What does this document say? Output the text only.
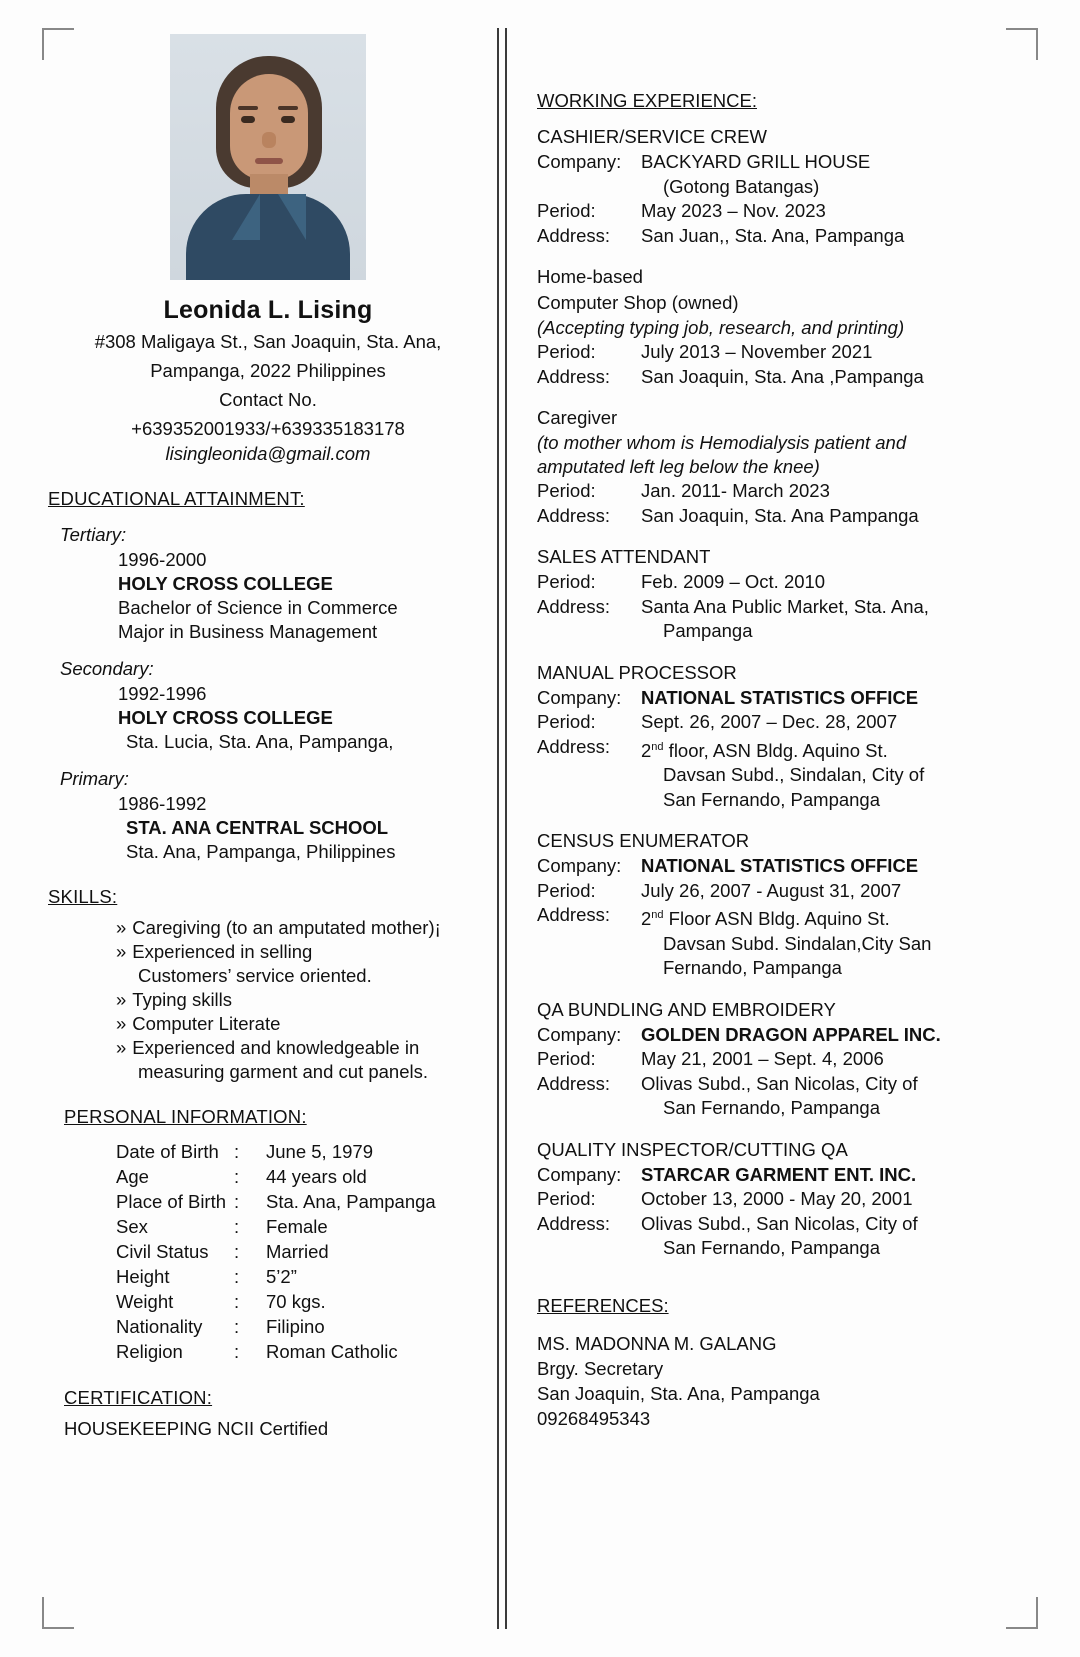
Leonida L. Lising
#308 Maligaya St., San Joaquin, Sta. Ana,
Pampanga, 2022 Philippines
Contact No.
+639352001933/+639335183178
lisingleonida@gmail.com
EDUCATIONAL ATTAINMENT:
Tertiary:
1996-2000
HOLY CROSS COLLEGE
Bachelor of Science in Commerce
Major in Business Management
Secondary:
1992-1996
HOLY CROSS COLLEGE
Sta. Lucia, Sta. Ana, Pampanga,
Primary:
1986-1992
STA. ANA CENTRAL SCHOOL
Sta. Ana, Pampanga, Philippines
SKILLS:
» Caregiving (to an amputated mother)¡
» Experienced in selling
Customers’ service oriented.
» Typing skills
» Computer Literate
» Experienced and knowledgeable in
measuring garment and cut panels.
PERSONAL INFORMATION:
Date of Birth	:	June 5, 1979
Age	:	44 years old
Place of Birth	:	Sta. Ana, Pampanga
Sex	:	Female
Civil Status	:	Married
Height	:	5’2”
Weight	:	70 kgs.
Nationality	:	Filipino
Religion	:	Roman Catholic
CERTIFICATION:
HOUSEKEEPING NCII Certified
WORKING EXPERIENCE:
CASHIER/SERVICE CREW
Company:	BACKYARD GRILL HOUSE
(Gotong Batangas)
Period:	May 2023 – Nov. 2023
Address:	San Juan,, Sta. Ana, Pampanga
Home-based
Computer Shop (owned)
(Accepting typing job, research, and printing)
Period:	July 2013 – November 2021
Address:	San Joaquin, Sta. Ana ,Pampanga
Caregiver
(to mother whom is Hemodialysis patient and
amputated left leg below the knee)
Period:	Jan. 2011- March 2023
Address:	San Joaquin, Sta. Ana Pampanga
SALES ATTENDANT
Period:	Feb. 2009 – Oct. 2010
Address:	Santa Ana Public Market, Sta. Ana,
Pampanga
MANUAL PROCESSOR
Company:	NATIONAL STATISTICS OFFICE
Period:	Sept. 26, 2007 – Dec. 28, 2007
Address:	2nd floor, ASN Bldg. Aquino St.
Davsan Subd., Sindalan, City of
San Fernando, Pampanga
CENSUS ENUMERATOR
Company:	NATIONAL STATISTICS OFFICE
Period:	July 26, 2007 - August 31, 2007
Address:	2nd Floor ASN Bldg. Aquino St.
Davsan Subd. Sindalan,City San
Fernando, Pampanga
QA BUNDLING AND EMBROIDERY
Company:	GOLDEN DRAGON APPAREL INC.
Period:	May 21, 2001 – Sept. 4, 2006
Address:	Olivas Subd., San Nicolas, City of
San Fernando, Pampanga
QUALITY INSPECTOR/CUTTING QA
Company:	STARCAR GARMENT ENT. INC.
Period:	October 13, 2000 - May 20, 2001
Address:	Olivas Subd., San Nicolas, City of
San Fernando, Pampanga
REFERENCES:
MS. MADONNA M. GALANG
Brgy. Secretary
San Joaquin, Sta. Ana, Pampanga
09268495343
